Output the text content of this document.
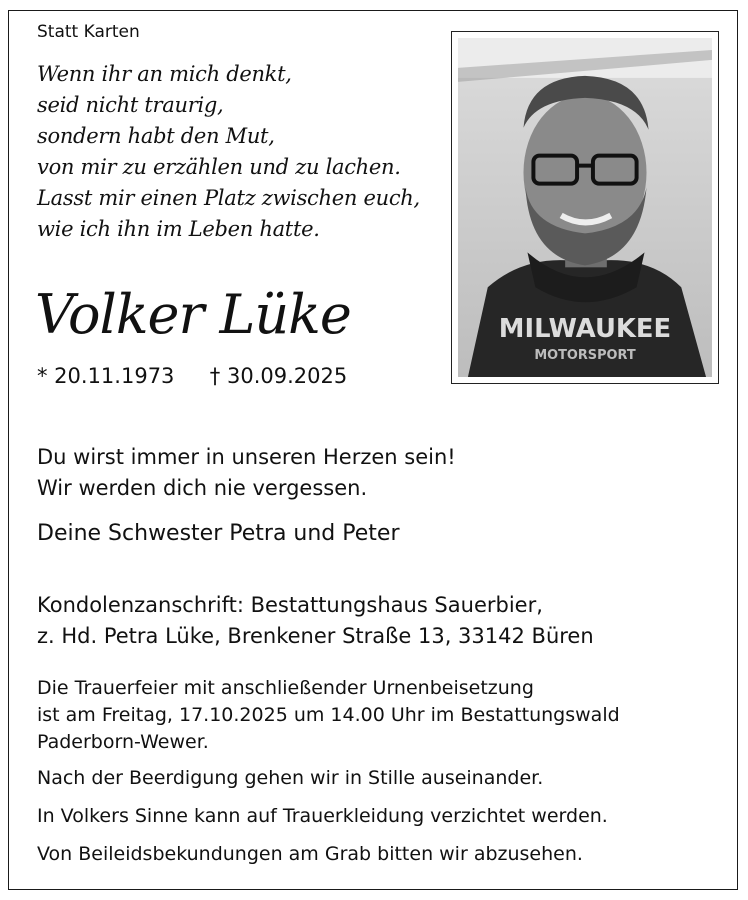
Statt Karten
Wenn ihr an mich denkt,
seid nicht traurig,
sondern habt den Mut,
von mir zu erzählen und zu lachen.
Lasst mir einen Platz zwischen euch,
wie ich ihn im Leben hatte.
Volker Lüke
* 20.11.1973 † 30.09.2025
MILWAUKEE
MOTORSPORT
Du wirst immer in unseren Herzen sein!
Wir werden dich nie vergessen.
Deine Schwester Petra und Peter
Kondolenzanschrift: Bestattungshaus Sauerbier,
z. Hd. Petra Lüke, Brenkener Straße 13, 33142 Büren
Die Trauerfeier mit anschließender Urnenbeisetzung
ist am Freitag, 17.10.2025 um 14.00 Uhr im Bestattungswald
Paderborn-Wewer.
Nach der Beerdigung gehen wir in Stille auseinander.
In Volkers Sinne kann auf Trauerkleidung verzichtet werden.
Von Beileidsbekundungen am Grab bitten wir abzusehen.
